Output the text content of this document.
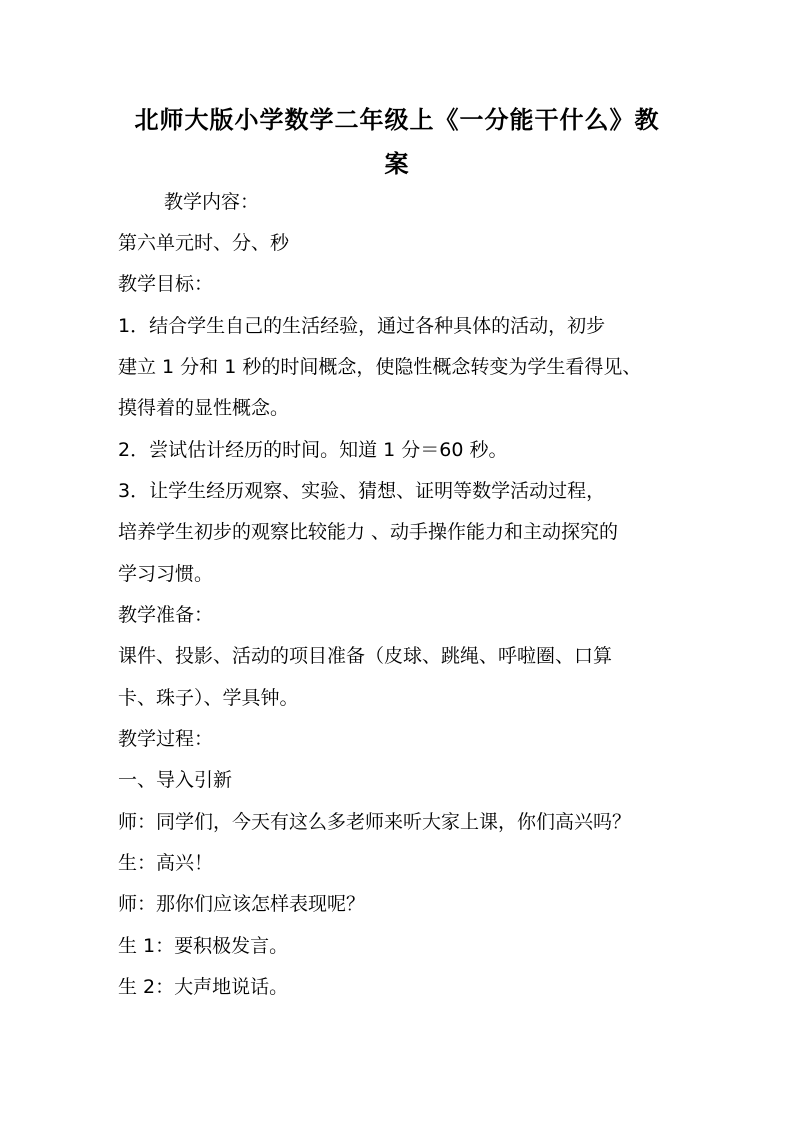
北师大版小学数学二年级上《一分能干什么》教
案

教学内容：

第六单元时、分、秒

教学目标：

1．结合学生自己的生活经验，通过各种具体的活动，初步

建立 1 分和 1 秒的时间概念，使隐性概念转变为学生看得见、

摸得着的显性概念。

2．尝试估计经历的时间。知道 1 分＝60 秒。

3．让学生经历观察、实验、猜想、证明等数学活动过程，

培养学生初步的观察比较能力 、动手操作能力和主动探究的

学习习惯。

教学准备：

课件、投影、活动的项目准备（皮球、跳绳、呼啦圈、口算

卡、珠子）、学具钟。

教学过程：

一、导入引新

师：同学们，今天有这么多老师来听大家上课，你们高兴吗？

生：高兴！

师：那你们应该怎样表现呢？

生 1：要积极发言。

生 2：大声地说话。
